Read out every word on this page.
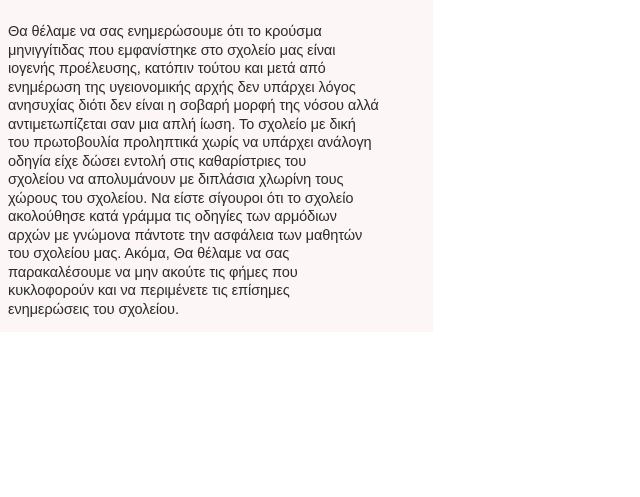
Θα θέλαμε να σας ενημερώσουμε ότι το κρούσμα
μηνιγγίτιδας που εμφανίστηκε στο σχολείο μας είναι
ιογενής προέλευσης, κατόπιν τούτου και μετά από
ενημέρωση της υγειονομικής αρχής δεν υπάρχει λόγος
ανησυχίας διότι δεν είναι η σοβαρή μορφή της νόσου αλλά
αντιμετωπίζεται σαν μια απλή ίωση. Το σχολείο με δική
του πρωτοβουλία προληπτικά χωρίς να υπάρχει ανάλογη
οδηγία είχε δώσει εντολή στις καθαρίστριες του
σχολείου να απολυμάνουν με διπλάσια χλωρίνη τους
χώρους του σχολείου. Να είστε σίγουροι ότι το σχολείο
ακολούθησε κατά γράμμα τις οδηγίες των αρμόδιων
αρχών με γνώμονα πάντοτε την ασφάλεια των μαθητών
του σχολείου μας. Ακόμα, Θα θέλαμε να σας
παρακαλέσουμε να μην ακούτε τις φήμες που
κυκλοφορούν και να περιμένετε τις επίσημες
ενημερώσεις του σχολείου.
